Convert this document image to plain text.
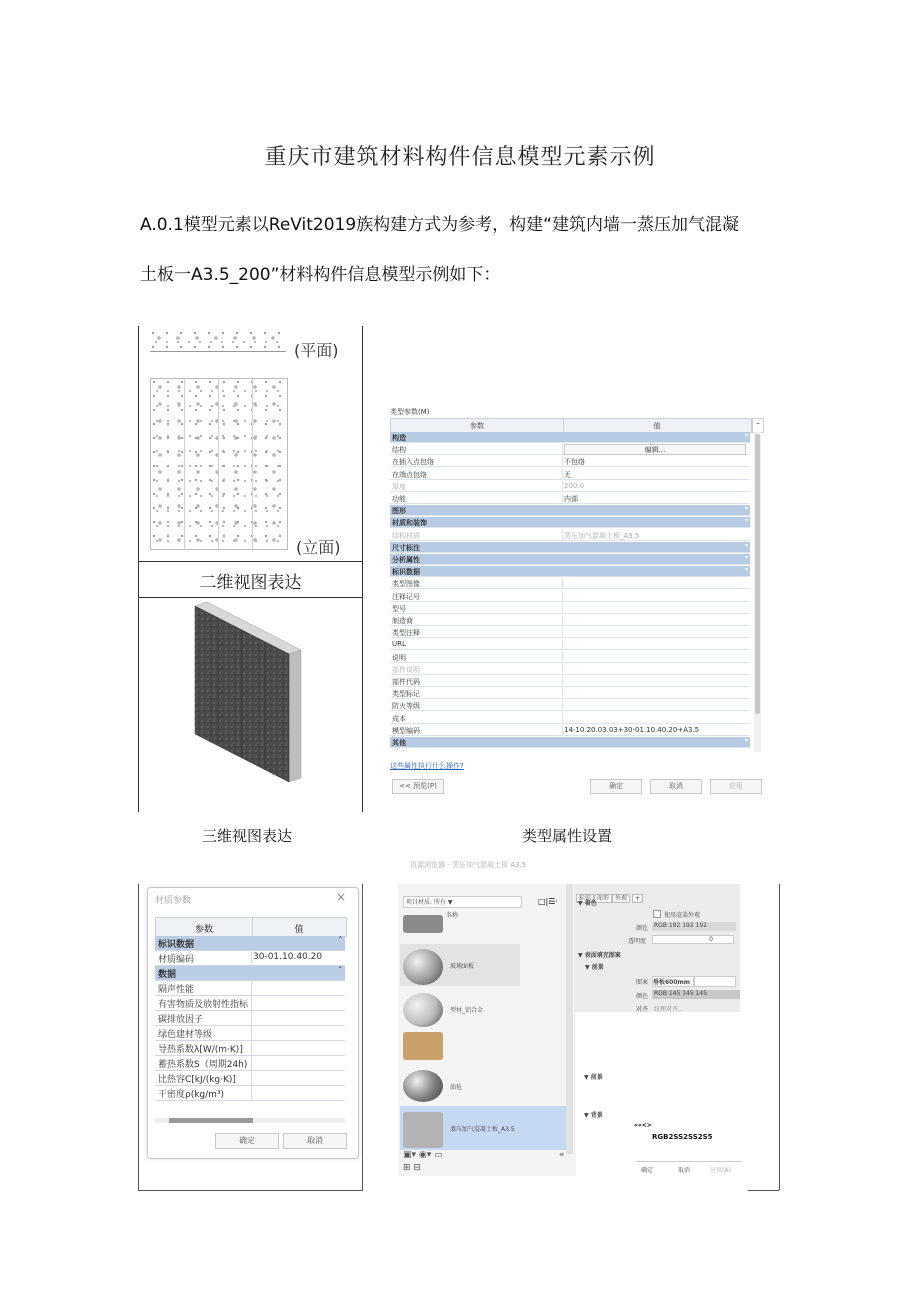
重庆市建筑材料构件信息模型元素示例
A.0.1模型元素以ReVit2019族构建方式为参考，构建“建筑内墙一蒸压加气混凝
土板一A3.5_200”材料构件信息模型示例如下：
(平面)
(立面)
二维视图表达
类型参数(M)
参数	值	–
构造	▾
结构	编辑...
在插入点包络	不包络
在端点包络	无
厚度	200.0
功能	内部
图形	▾
材质和装饰	▾
结构材质	蒸压加气混凝土板_A3.5
尺寸标注	▾
分析属性	▾
标识数据	▾
类型图像
注释记号
型号
制造商
类型注释
URL
说明
部件说明
部件代码
类型标记
防火等级
成本
模型编码	14-10.20.03.03+30-01.10.40.20+A3.5
其他	▾
这些属性执行什么操作?
<< 预览(P)	确定	取消	应用
三维视图表达	类型属性设置
材质参数	×
参数	值
标识数据	˄
材质编码	30-01.10.40.20
数据	˄
隔声性能
有害物质及放射性指标
碳排放因子
绿色建材等级
导热系数λ[W/(m·K)]
蓄热系数S（周期24h)
比热容C[kJ/(kg·K)]
干密度ρ(kg/m³)
确定	取消
资源浏览器 - 蒸压加气混凝土板 A3.5
项目材质: 所有 ▼	□|☰·
名称
玻璃面板
型材_铝合金
油毡
蒸压加气混凝土板_A3.5
▣▾ ◉▾ ▭	«
⊞ ⊟
标识 图形 外观 +
▼ 着色
使用渲染外观
颜色 RGB 192 192 192
透明度	0
▼ 表面填充图案
▼ 前景
图案 垂板600mm
颜色 RGB 145 145 145
对齐 纹理对齐...
▼ 前景
▼ 背景
««<>
RGB2SS2SS2S5
确定	取消	应用(A)
